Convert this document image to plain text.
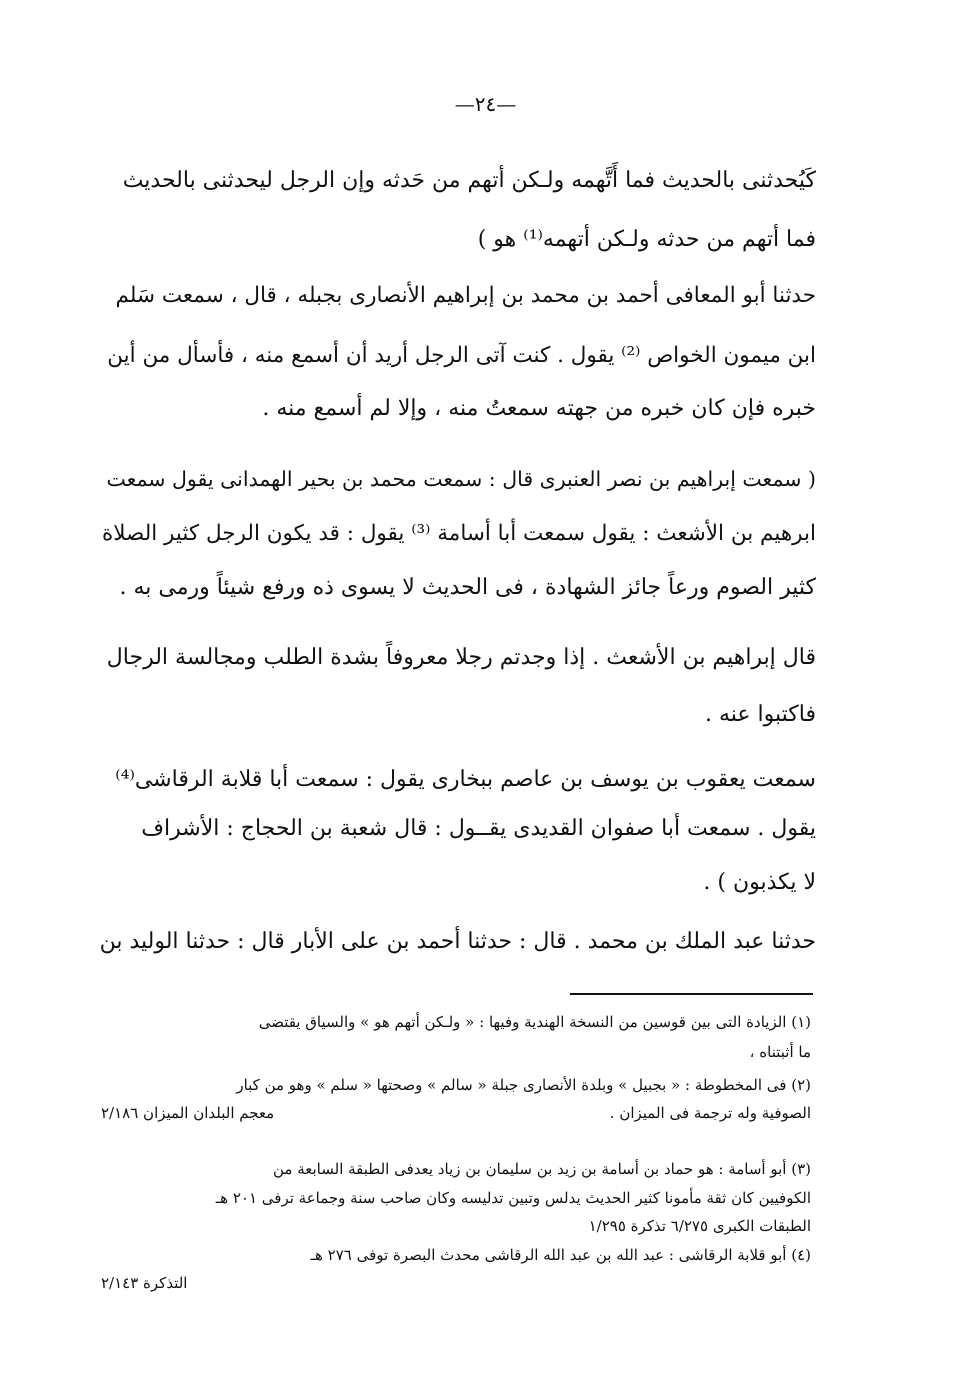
—٢٤—
كَيُحدثنى بالحديث فما أَتَّهمه ولـكن أتهم من حَدثه وإن الرجل ليحدثنى بالحديث
فما أتهم من حدثه ولـكن أتهمه⁽¹⁾ هو )
حدثنا أبو المعافى أحمد بن محمد بن إبراهيم الأنصارى بجبله ، قال ، سمعت سَلم
ابن ميمون الخواص ⁽²⁾ يقول . كنت آتى الرجل أريد أن أسمع منه ، فأسأل من أين
خبره فإن كان خبره من جهته سمعتُ منه ، وإلا لم أسمع منه .
( سمعت إبراهيم بن نصر العنبرى قال : سمعت محمد بن بحير الهمدانى يقول سمعت
ابرهيم بن الأشعث : يقول سمعت أبا أسامة ⁽³⁾ يقول : قد يكون الرجل كثير الصلاة
كثير الصوم ورعاً جائز الشهادة ، فى الحديث لا يسوى ذه ورفع شيئاً ورمى به .
قال إبراهيم بن الأشعث . إذا وجدتم رجلا معروفاً بشدة الطلب ومجالسة الرجال
فاكتبوا عنه .
سمعت يعقوب بن يوسف بن عاصم ببخارى يقول : سمعت أبا قلابة الرقاشى⁽⁴⁾
يقول . سمعت أبا صفوان القديدى يقــول : قال شعبة بن الحجاج : الأشراف
لا يكذبون ) .
حدثنا عبد الملك بن محمد . قال : حدثنا أحمد بن على الأبار قال : حدثنا الوليد بن
(١) الزيادة التى بين قوسين من النسخة الهندية وفيها : « ولـكن أتهم هو » والسياق يقتضى
ما أثبتناه ،
(٢) فى المخطوطة : « بجبيل » وبلدة الأنصارى جبلة « سالم » وصحتها « سلم » وهو من كبار
الصوفية وله ترجمة فى الميزان .
معجم البلدان الميزان ٢/١٨٦
(٣) أبو أسامة : هو حماد بن أسامة بن زيد بن سليمان بن زياد يعدفى الطبقة السابعة من
الكوفيين كان ثقة مأمونا كثير الحديث يدلس وتبين تدليسه وكان صاحب سنة وجماعة ترفى ٢٠١ هـ
الطبقات الكبرى ٦/٢٧٥ تذكرة ١/٢٩٥
(٤) أبو قلابة الرقاشى : عبد الله بن عبد الله الرقاشى محدث البصرة توفى ٢٧٦ هـ
التذكرة ٢/١٤٣
